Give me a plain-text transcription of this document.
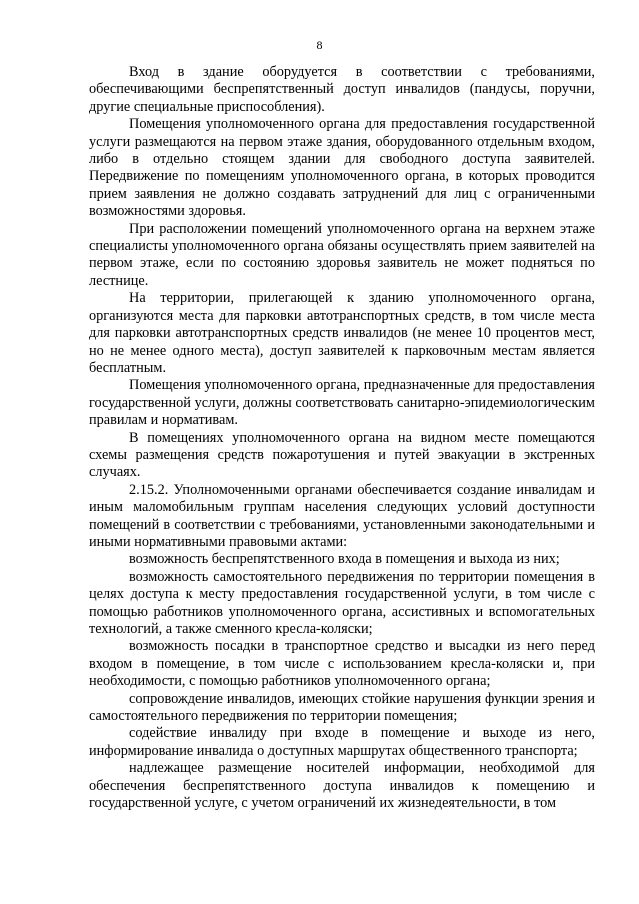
8

Вход в здание оборудуется в соответствии с требованиями, обеспечивающими беспрепятственный доступ инвалидов (пандусы, поручни, другие специальные приспособления).

Помещения уполномоченного органа для предоставления государственной услуги размещаются на первом этаже здания, оборудованного отдельным входом, либо в отдельно стоящем здании для свободного доступа заявителей. Передвижение по помещениям уполномоченного органа, в которых проводится прием заявления не должно создавать затруднений для лиц с ограниченными возможностями здоровья.

При расположении помещений уполномоченного органа на верхнем этаже специалисты уполномоченного органа обязаны осуществлять прием заявителей на первом этаже, если по состоянию здоровья заявитель не может подняться по лестнице.

На территории, прилегающей к зданию уполномоченного органа, организуются места для парковки автотранспортных средств, в том числе места для парковки автотранспортных средств инвалидов (не менее 10 процентов мест, но не менее одного места), доступ заявителей к парковочным местам является бесплатным.

Помещения уполномоченного органа, предназначенные для предоставления государственной услуги, должны соответствовать санитарно-эпидемиологическим правилам и нормативам.

В помещениях уполномоченного органа на видном месте помещаются схемы размещения средств пожаротушения и путей эвакуации в экстренных случаях.

2.15.2. Уполномоченными органами обеспечивается создание инвалидам и иным маломобильным группам населения следующих условий доступности помещений в соответствии с требованиями, установленными законодательными и иными нормативными правовыми актами:

возможность беспрепятственного входа в помещения и выхода из них;

возможность самостоятельного передвижения по территории помещения в целях доступа к месту предоставления государственной услуги, в том числе с помощью работников уполномоченного органа, ассистивных и вспомогательных технологий, а также сменного кресла-коляски;

возможность посадки в транспортное средство и высадки из него перед входом в помещение, в том числе с использованием кресла-коляски и, при необходимости, с помощью работников уполномоченного органа;

сопровождение инвалидов, имеющих стойкие нарушения функции зрения и самостоятельного передвижения по территории помещения;

содействие инвалиду при входе в помещение и выходе из него, информирование инвалида о доступных маршрутах общественного транспорта;

надлежащее размещение носителей информации, необходимой для обеспечения беспрепятственного доступа инвалидов к помещению и государственной услуге, с учетом ограничений их жизнедеятельности, в том
